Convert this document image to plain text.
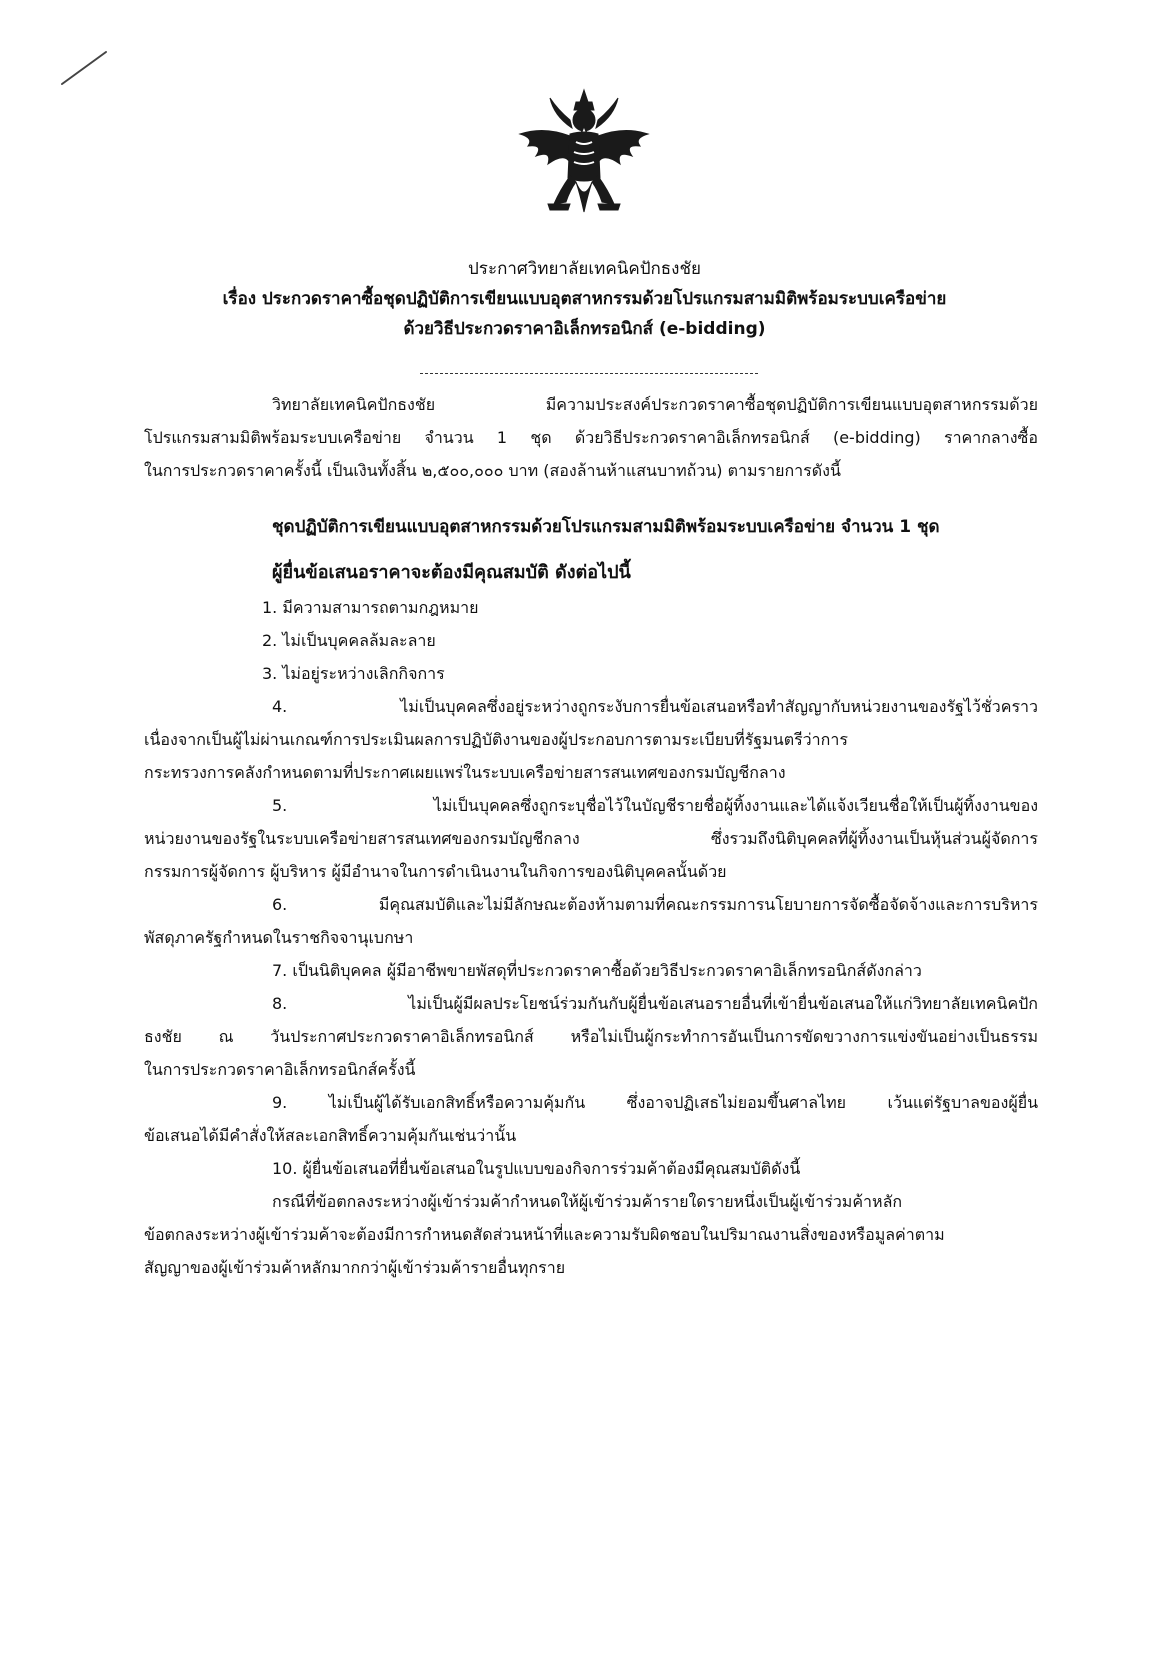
ประกาศวิทยาลัยเทคนิคปักธงชัย
เรื่อง ประกวดราคาซื้อชุดปฏิบัติการเขียนแบบอุตสาหกรรมด้วยโปรแกรมสามมิติพร้อมระบบเครือข่าย
ด้วยวิธีประกวดราคาอิเล็กทรอนิกส์ (e-bidding)
วิทยาลัยเทคนิคปักธงชัย มีความประสงค์ประกวดราคาซื้อชุดปฏิบัติการเขียนแบบอุตสาหกรรมด้วย
โปรแกรมสามมิติพร้อมระบบเครือข่าย จำนวน 1 ชุด ด้วยวิธีประกวดราคาอิเล็กทรอนิกส์ (e-bidding) ราคากลางซื้อ
ในการประกวดราคาครั้งนี้ เป็นเงินทั้งสิ้น ๒,๕๐๐,๐๐๐ บาท (สองล้านห้าแสนบาทถ้วน) ตามรายการดังนี้
ชุดปฏิบัติการเขียนแบบอุตสาหกรรมด้วยโปรแกรมสามมิติพร้อมระบบเครือข่าย จำนวน 1 ชุด
ผู้ยื่นข้อเสนอราคาจะต้องมีคุณสมบัติ ดังต่อไปนี้
1. มีความสามารถตามกฎหมาย
2. ไม่เป็นบุคคลล้มละลาย
3. ไม่อยู่ระหว่างเลิกกิจการ
4. ไม่เป็นบุคคลซึ่งอยู่ระหว่างถูกระงับการยื่นข้อเสนอหรือทำสัญญากับหน่วยงานของรัฐไว้ชั่วคราว
เนื่องจากเป็นผู้ไม่ผ่านเกณฑ์การประเมินผลการปฏิบัติงานของผู้ประกอบการตามระเบียบที่รัฐมนตรีว่าการ
กระทรวงการคลังกำหนดตามที่ประกาศเผยแพร่ในระบบเครือข่ายสารสนเทศของกรมบัญชีกลาง
5. ไม่เป็นบุคคลซึ่งถูกระบุชื่อไว้ในบัญชีรายชื่อผู้ทิ้งงานและได้แจ้งเวียนชื่อให้เป็นผู้ทิ้งงานของ
หน่วยงานของรัฐในระบบเครือข่ายสารสนเทศของกรมบัญชีกลาง ซึ่งรวมถึงนิติบุคคลที่ผู้ทิ้งงานเป็นหุ้นส่วนผู้จัดการ
กรรมการผู้จัดการ ผู้บริหาร ผู้มีอำนาจในการดำเนินงานในกิจการของนิติบุคคลนั้นด้วย
6. มีคุณสมบัติและไม่มีลักษณะต้องห้ามตามที่คณะกรรมการนโยบายการจัดซื้อจัดจ้างและการบริหาร
พัสดุภาครัฐกำหนดในราชกิจจานุเบกษา
7. เป็นนิติบุคคล ผู้มีอาชีพขายพัสดุที่ประกวดราคาซื้อด้วยวิธีประกวดราคาอิเล็กทรอนิกส์ดังกล่าว
8. ไม่เป็นผู้มีผลประโยชน์ร่วมกันกับผู้ยื่นข้อเสนอรายอื่นที่เข้ายื่นข้อเสนอให้แก่วิทยาลัยเทคนิคปัก
ธงชัย ณ วันประกาศประกวดราคาอิเล็กทรอนิกส์ หรือไม่เป็นผู้กระทำการอันเป็นการขัดขวางการแข่งขันอย่างเป็นธรรม
ในการประกวดราคาอิเล็กทรอนิกส์ครั้งนี้
9. ไม่เป็นผู้ได้รับเอกสิทธิ์หรือความคุ้มกัน ซึ่งอาจปฏิเสธไม่ยอมขึ้นศาลไทย เว้นแต่รัฐบาลของผู้ยื่น
ข้อเสนอได้มีคำสั่งให้สละเอกสิทธิ์ความคุ้มกันเช่นว่านั้น
10. ผู้ยื่นข้อเสนอที่ยื่นข้อเสนอในรูปแบบของกิจการร่วมค้าต้องมีคุณสมบัติดังนี้
กรณีที่ข้อตกลงระหว่างผู้เข้าร่วมค้ากำหนดให้ผู้เข้าร่วมค้ารายใดรายหนึ่งเป็นผู้เข้าร่วมค้าหลัก
ข้อตกลงระหว่างผู้เข้าร่วมค้าจะต้องมีการกำหนดสัดส่วนหน้าที่และความรับผิดชอบในปริมาณงานสิ่งของหรือมูลค่าตาม
สัญญาของผู้เข้าร่วมค้าหลักมากกว่าผู้เข้าร่วมค้ารายอื่นทุกราย
